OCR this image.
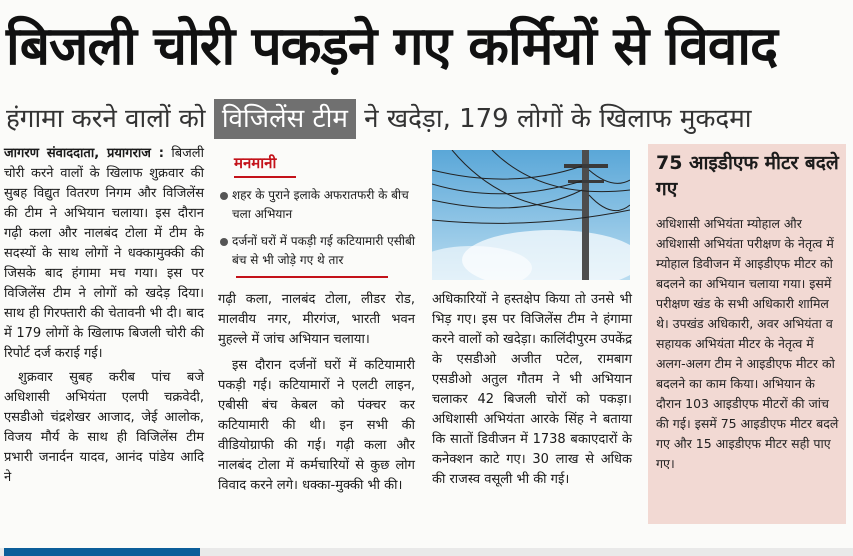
बिजली चोरी पकड़ने गए कर्मियों से विवाद
हंगामा करने वालों को विजिलेंस टीम ने खदेड़ा, 179 लोगों के खिलाफ मुकदमा

जागरण संवाददाता, प्रयागराज : बिजली चोरी करने वालों के खिलाफ शुक्रवार की सुबह विद्युत वितरण निगम और विजिलेंस की टीम ने अभियान चलाया। इस दौरान गढ़ी कला और नालबंद टोला में टीम के सदस्यों के साथ लोगों ने धक्कामुक्की की जिसके बाद हंगामा मच गया। इस पर विजिलेंस टीम ने लोगों को खदेड़ दिया। साथ ही गिरफ्तारी की चेतावनी भी दी। बाद में 179 लोगों के खिलाफ बिजली चोरी की रिपोर्ट दर्ज कराई गई।

शुक्रवार सुबह करीब पांच बजे अधिशासी अभियंता एलपी चक्रवेदी, एसडीओ चंद्रशेखर आजाद, जेई आलोक, विजय मौर्य के साथ ही विजिलेंस टीम प्रभारी जनार्दन यादव, आनंद पांडेय आदि ने

मनमानी
शहर के पुराने इलाके अफरातफरी के बीच चला अभियान
दर्जनों घरों में पकड़ी गई कटियामारी एसीबी बंच से भी जोड़े गए थे तार

गढ़ी कला, नालबंद टोला, लीडर रोड, मालवीय नगर, मीरगंज, भारती भवन मुहल्ले में जांच अभियान चलाया।

इस दौरान दर्जनों घरों में कटियामारी पकड़ी गई। कटियामारों ने एलटी लाइन, एबीसी बंच केबल को पंक्चर कर कटियामारी की थी। इन सभी की वीडियोग्राफी की गई। गढ़ी कला और नालबंद टोला में कर्मचारियों से कुछ लोग विवाद करने लगे। धक्का-मुक्की भी की।

अधिकारियों ने हस्तक्षेप किया तो उनसे भी भिड़ गए। इस पर विजिलेंस टीम ने हंगामा करने वालों को खदेड़ा। कालिंदीपुरम उपकेंद्र के एसडीओ अजीत पटेल, रामबाग एसडीओ अतुल गौतम ने भी अभियान चलाकर 42 बिजली चोरों को पकड़ा। अधिशासी अभियंता आरके सिंह ने बताया कि सातों डिवीजन में 1738 बकाएदारों के कनेक्शन काटे गए। 30 लाख से अधिक की राजस्व वसूली भी की गई।

75 आइडीएफ मीटर बदले गए
अधिशासी अभियंता म्योहाल और अधिशासी अभियंता परीक्षण के नेतृत्व में म्योहाल डिवीजन में आइडीएफ मीटर को बदलने का अभियान चलाया गया। इसमें परीक्षण खंड के सभी अधिकारी शामिल थे। उपखंड अधिकारी, अवर अभियंता व सहायक अभियंता मीटर के नेतृत्व में अलग-अलग टीम ने आइडीएफ मीटर को बदलने का काम किया। अभियान के दौरान 103 आइडीएफ मीटरों की जांच की गई। इसमें 75 आइडीएफ मीटर बदले गए और 15 आइडीएफ मीटर सही पाए गए।
